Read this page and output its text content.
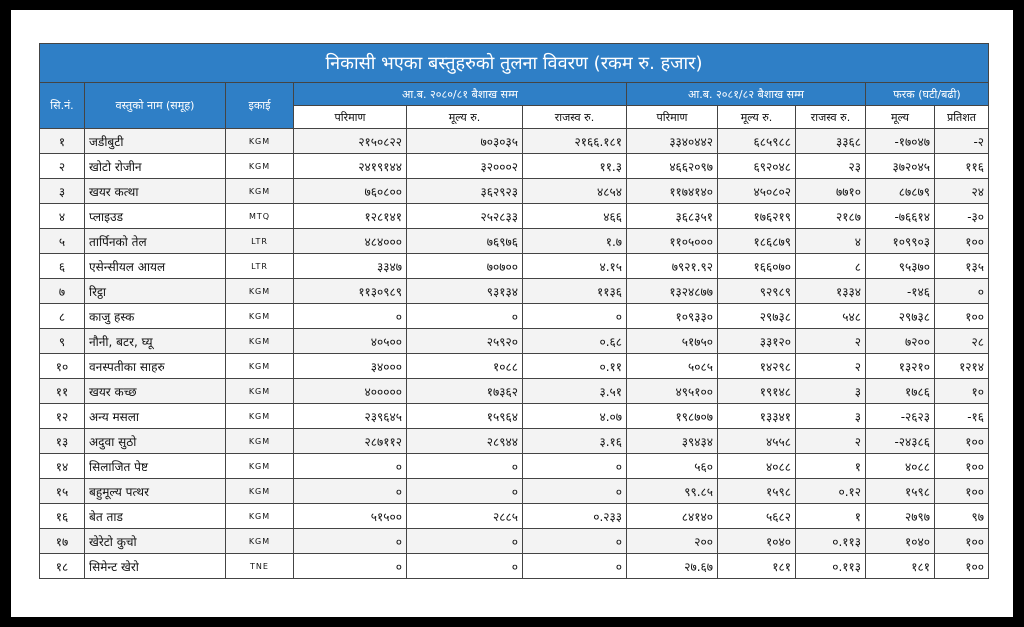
निकासी भएका बस्तुहरुको तुलना विवरण (रकम रु. हजार)										
सि.नं.	वस्तुको नाम (समूह)	इकाई	आ.ब. २०८०/८१ बैशाख सम्म			आ.ब. २०८१/८२ बैशाख सम्म			फरक (घटी/बढी)	
			परिमाण	मूल्य रु.	राजस्व रु.	परिमाण	मूल्य रु.	राजस्व रु.	मूल्य	प्रतिशत
१	जडीबुटी	KGM	२१५०८२२	७०३०३५	२१६६.१८१	३३४०४४२	६८५९८८	३३६८	-१७०४७	-२
२	खोटो रोजीन	KGM	२४१९१४४	३२०००२	११.३	४६६२०९७	६९२०४८	२३	३७२०४५	११६
३	खयर कत्था	KGM	७६०८००	३६२९२३	४८५४	११७४१४०	४५०८०२	७७१०	८७८७९	२४
४	प्लाइउड	MTQ	१२८१४१	२५२८३३	४६६	३६८३५१	१७६२१९	२१८७	-७६६१४	-३०
५	तार्पिनको तेल	LTR	४८४०००	७६९७६	१.७	११०५०००	१८६८७९	४	१०९९०३	१००
६	एसेन्सीयल आयल	LTR	३३४७	७०७००	४.१५	७९२१.९२	१६६०७०	८	९५३७०	१३५
७	रिट्ठा	KGM	११३०९८९	९३१३४	११३६	१३२४८७७	९२९८९	१३३४	-१४६	०
८	काजु हस्क	KGM	०	०	०	१०९३३०	२९७३८	५४८	२९७३८	१००
९	नौनी, बटर, घ्यू	KGM	४०५००	२५९२०	०.६८	५१७५०	३३१२०	२	७२००	२८
१०	वनस्पतीका साहरु	KGM	३४०००	१०८८	०.११	५०८५	१४२९८	२	१३२१०	१२१४
११	खयर कच्छ	KGM	४०००००	१७३६२	३.५१	४९५१००	१९१४८	३	१७८६	१०
१२	अन्य मसला	KGM	२३९६४५	१५९६४	४.०७	१९८७०७	१३३४१	३	-२६२३	-१६
१३	अदुवा सुठो	KGM	२८७११२	२८९४४	३.१६	३९४३४	४५५८	२	-२४३८६	१००
१४	सिलाजित पेष्ट	KGM	०	०	०	५६०	४०८८	१	४०८८	१००
१५	बहुमूल्य पत्थर	KGM	०	०	०	९९.८५	१५९८	०.१२	१५९८	१००
१६	बेत ताड	KGM	५१५००	२८८५	०.२३३	८४१४०	५६८२	१	२७९७	९७
१७	खेरेटो कुचो	KGM	०	०	०	२००	१०४०	०.११३	१०४०	१००
१८	सिमेन्ट खेरो	TNE	०	०	०	२७.६७	१८१	०.११३	१८१	१००
